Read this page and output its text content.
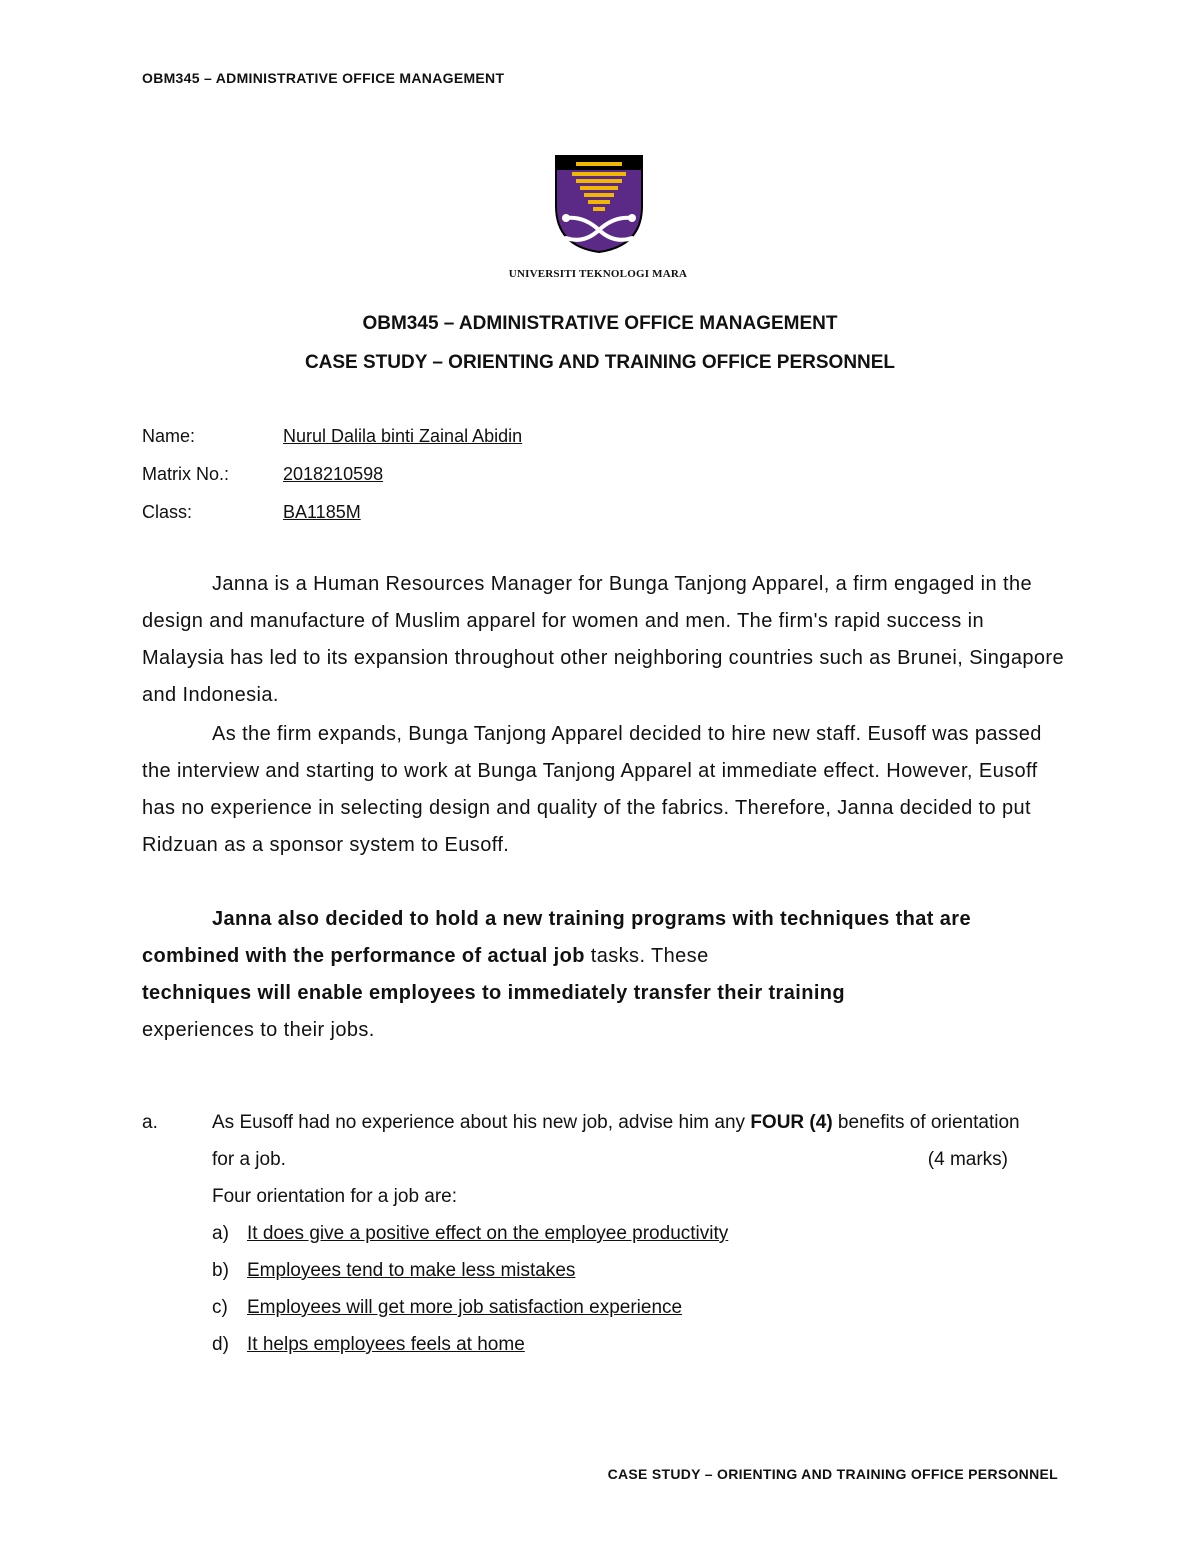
OBM345 – ADMINISTRATIVE OFFICE MANAGEMENT
UNIVERSITI TEKNOLOGI MARA
OBM345 – ADMINISTRATIVE OFFICE MANAGEMENT
CASE STUDY – ORIENTING AND TRAINING OFFICE PERSONNEL
Name:	Nurul Dalila binti Zainal Abidin
Matrix No.:	2018210598
Class:	BA1185M
Janna is a Human Resources Manager for Bunga Tanjong Apparel, a firm engaged in the design and manufacture of Muslim apparel for women and men. The firm's rapid success in Malaysia has led to its expansion throughout other neighboring countries such as Brunei, Singapore and Indonesia.
As the firm expands, Bunga Tanjong Apparel decided to hire new staff. Eusoff was passed the interview and starting to work at Bunga Tanjong Apparel at immediate effect. However, Eusoff has no experience in selecting design and quality of the fabrics. Therefore, Janna decided to put Ridzuan as a sponsor system to Eusoff.
Janna also decided to hold a new training programs with techniques that are combined with the performance of actual job tasks. These
techniques will enable employees to immediately transfer their training
experiences to their jobs.
a.	As Eusoff had no experience about his new job, advise him any FOUR (4) benefits of orientation for a job.	(4 marks)
Four orientation for a job are:
a) It does give a positive effect on the employee productivity
b) Employees tend to make less mistakes
c) Employees will get more job satisfaction experience
d) It helps employees feels at home
CASE STUDY – ORIENTING AND TRAINING OFFICE PERSONNEL
